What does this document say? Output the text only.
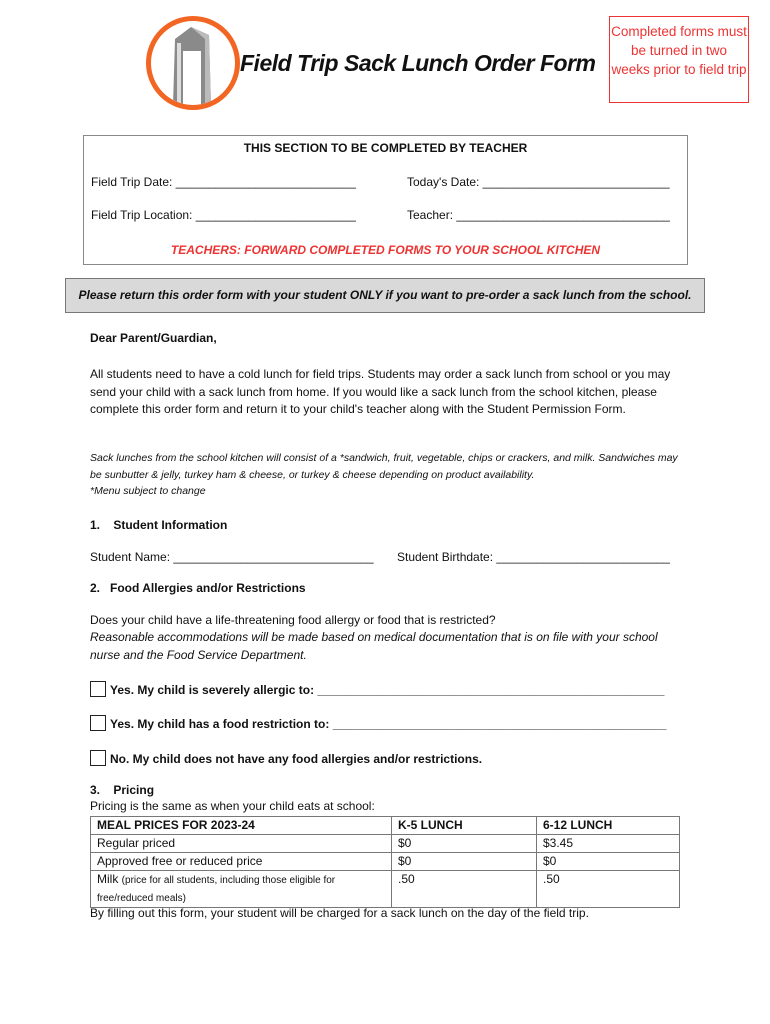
Field Trip Sack Lunch Order Form
Completed forms must be turned in two weeks prior to field trip
THIS SECTION TO BE COMPLETED BY TEACHER
Field Trip Date: ___________________________	Today's Date: ____________________________
Field Trip Location: ________________________	Teacher: ________________________________
TEACHERS: FORWARD COMPLETED FORMS TO YOUR SCHOOL KITCHEN
Please return this order form with your student ONLY if you want to pre-order a sack lunch from the school.
Dear Parent/Guardian,
All students need to have a cold lunch for field trips. Students may order a sack lunch from school or you may send your child with a sack lunch from home. If you would like a sack lunch from the school kitchen, please complete this order form and return it to your child's teacher along with the Student Permission Form.
Sack lunches from the school kitchen will consist of a *sandwich, fruit, vegetable, chips or crackers, and milk. Sandwiches may be sunbutter & jelly, turkey ham & cheese, or turkey & cheese depending on product availability.
*Menu subject to change
1.    Student Information
Student Name: ______________________________	Student Birthdate: __________________________
2.   Food Allergies and/or Restrictions
Does your child have a life-threatening food allergy or food that is restricted?
Reasonable accommodations will be made based on medical documentation that is on file with your school nurse and the Food Service Department.
Yes. My child is severely allergic to: ____________________________________________________
Yes. My child has a food restriction to: __________________________________________________
No. My child does not have any food allergies and/or restrictions.
3.    Pricing
Pricing is the same as when your child eats at school:
MEAL PRICES FOR 2023-24	K-5 LUNCH	6-12 LUNCH
Regular priced	$0	$3.45
Approved free or reduced price	$0	$0
Milk (price for all students, including those eligible for free/reduced meals)	.50	.50
By filling out this form, your student will be charged for a sack lunch on the day of the field trip.
